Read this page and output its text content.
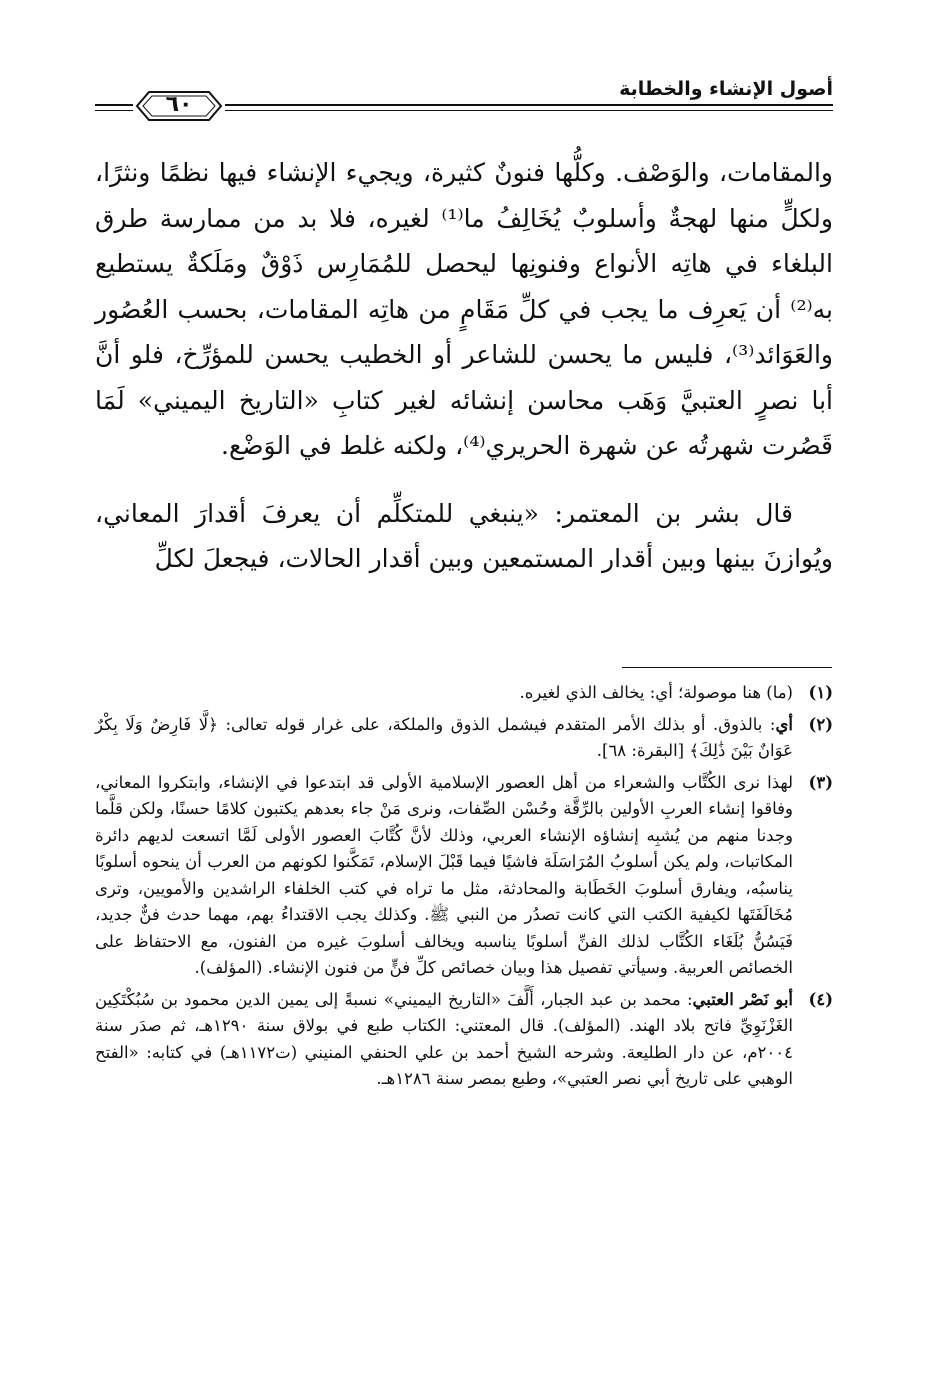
أصول الإنشاء والخطابة
٦٠

والمقامات، والوَصْف. وكلُّها فنونٌ كثيرة، ويجيء الإنشاء فيها نظمًا ونثرًا، ولكلٍّ منها لهجةٌ وأسلوبٌ يُخَالِفُ ما⁽¹⁾ لغيره، فلا بد من ممارسة طرق البلغاء في هاتِه الأنواع وفنونِها ليحصل للمُمَارِس ذَوْقٌ ومَلَكةٌ يستطيع به⁽²⁾ أن يَعرِف ما يجب في كلِّ مَقَامٍ من هاتِه المقامات، بحسب العُصُور والعَوَائد⁽³⁾، فليس ما يحسن للشاعر أو الخطيب يحسن للمؤرِّخ، فلو أنَّ أبا نصرٍ العتبيَّ وَهَب محاسن إنشائه لغير كتابِ «التاريخ اليميني» لَمَا قَصُرت شهرتُه عن شهرة الحريري⁽⁴⁾، ولكنه غلط في الوَضْع.

قال بشر بن المعتمر: «ينبغي للمتكلِّم أن يعرفَ أقدارَ المعاني، ويُوازنَ بينها وبين أقدار المستمعين وبين أقدار الحالات، فيجعلَ لكلِّ

(١)
(ما) هنا موصولة؛ أي: يخالف الذي لغيره.
(٢)
أي: بالذوق. أو بذلك الأمر المتقدم فيشمل الذوق والملكة، على غرار قوله تعالى: ﴿لَّا فَارِضٌ وَلَا بِكْرٌ عَوَانٌ بَيْنَ ذَٰلِكَ﴾ [البقرة: ٦٨].
(٣)
لهذا نرى الكُتَّاب والشعراء من أهل العصور الإسلامية الأولى قد ابتدعوا في الإنشاء، وابتكروا المعاني، وفاقوا إنشاء العربِ الأولين بالرِّقَّة وحُسْن الصِّفات، ونرى مَنْ جاء بعدهم يكتبون كلامًا حسنًا، ولكن قلَّما وجدنا منهم من يُشبِه إنشاؤه الإنشاء العربي، وذلك لأنَّ كُتَّابَ العصور الأولى لَمَّا اتسعت لديهم دائرة المكاتبات، ولم يكن أسلوبُ المُرَاسَلَة فاشيًا فيما قَبْلَ الإسلام، تَمَكَّنوا لكونهم من العرب أن ينحوه أسلوبًا يناسبُه، ويفارق أسلوبَ الخَطَابة والمحادثة، مثل ما تراه في كتب الخلفاء الراشدين والأمويين، وترى مُخَالَفَتَها لكيفية الكتب التي كانت تصدُر من النبي ﷺ. وكذلك يجب الاقتداءُ بهم، مهما حدث فنٌّ جديد، فَيَسُنُّ بُلَغَاء الكُتَّاب لذلك الفنِّ أسلوبًا يناسبه ويخالف أسلوبَ غيره من الفنون، مع الاحتفاظ على الخصائص العربية. وسيأتي تفصيل هذا وبيان خصائص كلِّ فنٍّ من فنون الإنشاء. (المؤلف).
(٤)
أبو نَصْر العتبي: محمد بن عبد الجبار، أَلَّفَ «التاريخ اليميني» نسبةً إلى يمين الدين محمود بن سُبُكْتَكِين الغَزْنَوِيِّ فاتح بلاد الهند. (المؤلف). قال المعتني: الكتاب طبع في بولاق سنة ١٢٩٠هـ، ثم صدَر سنة ٢٠٠٤م، عن دار الطليعة. وشرحه الشيخ أحمد بن علي الحنفي المنيني (ت١١٧٢هـ) في كتابه: «الفتح الوهبي على تاريخ أبي نصر العتبي»، وطبع بمصر سنة ١٢٨٦هـ.
